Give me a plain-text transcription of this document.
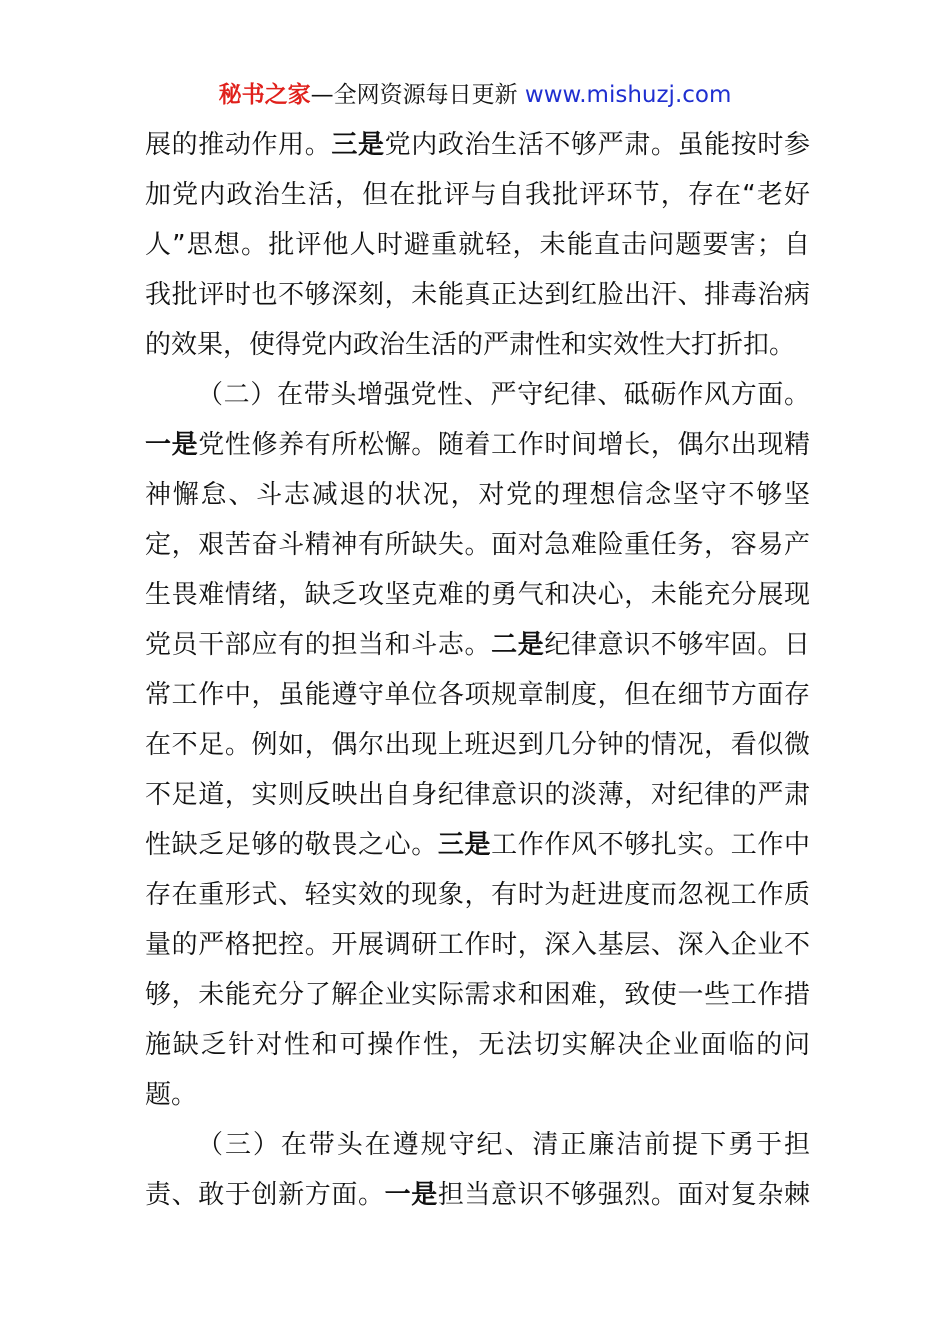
秘书之家—全网资源每日更新 www.mishuzj.com
展的推动作用。三是党内政治生活不够严肃。虽能按时参
加党内政治生活，但在批评与自我批评环节，存在“老好
人”思想。批评他人时避重就轻，未能直击问题要害；自
我批评时也不够深刻，未能真正达到红脸出汗、排毒治病
的效果，使得党内政治生活的严肃性和实效性大打折扣。
（二）在带头增强党性、严守纪律、砥砺作风方面。
一是党性修养有所松懈。随着工作时间增长，偶尔出现精
神懈怠、斗志减退的状况，对党的理想信念坚守不够坚
定，艰苦奋斗精神有所缺失。面对急难险重任务，容易产
生畏难情绪，缺乏攻坚克难的勇气和决心，未能充分展现
党员干部应有的担当和斗志。二是纪律意识不够牢固。日
常工作中，虽能遵守单位各项规章制度，但在细节方面存
在不足。例如，偶尔出现上班迟到几分钟的情况，看似微
不足道，实则反映出自身纪律意识的淡薄，对纪律的严肃
性缺乏足够的敬畏之心。三是工作作风不够扎实。工作中
存在重形式、轻实效的现象，有时为赶进度而忽视工作质
量的严格把控。开展调研工作时，深入基层、深入企业不
够，未能充分了解企业实际需求和困难，致使一些工作措
施缺乏针对性和可操作性，无法切实解决企业面临的问
题。
（三）在带头在遵规守纪、清正廉洁前提下勇于担
责、敢于创新方面。一是担当意识不够强烈。面对复杂棘
